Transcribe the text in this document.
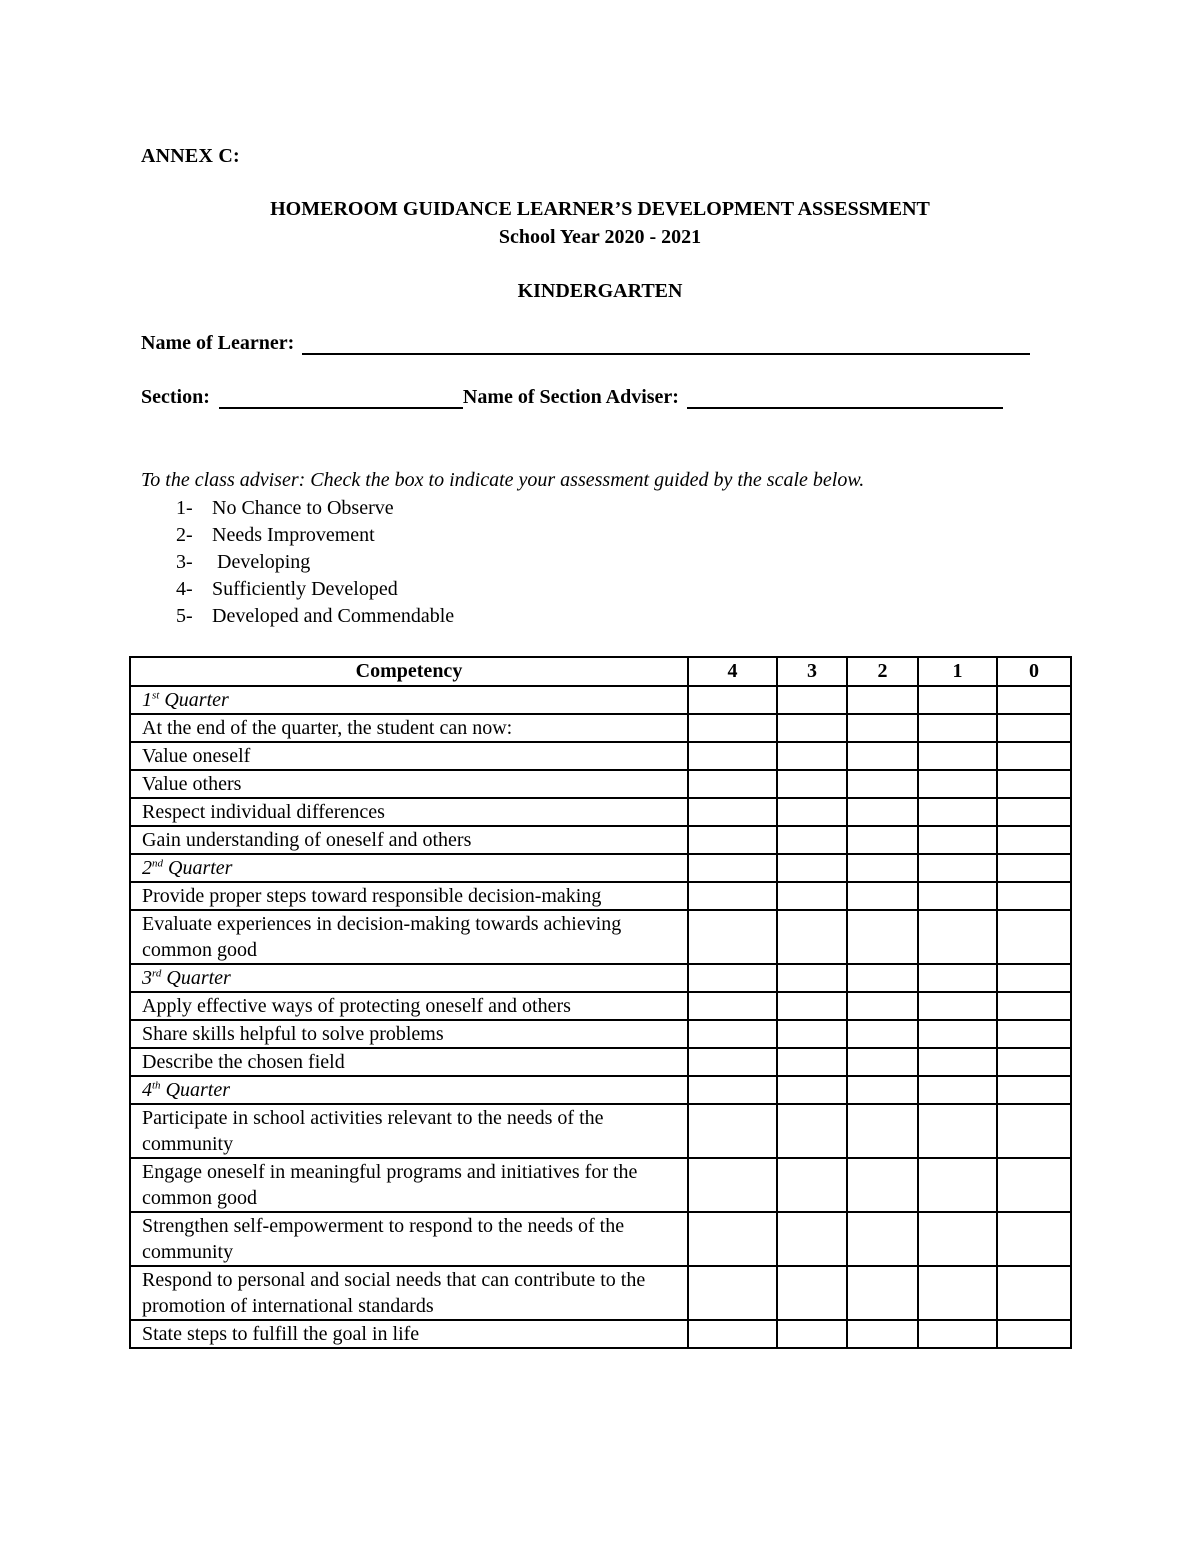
ANNEX C:
HOMEROOM GUIDANCE LEARNER’S DEVELOPMENT ASSESSMENT
School Year 2020 - 2021
KINDERGARTEN
Name of Learner:
Section:	Name of Section Adviser:
To the class adviser: Check the box to indicate your assessment guided by the scale below.
1- No Chance to Observe
2- Needs Improvement
3- Developing
4- Sufficiently Developed
5- Developed and Commendable
Competency	4	3	2	1	0
1st Quarter					
At the end of the quarter, the student can now:					
Value oneself					
Value others					
Respect individual differences					
Gain understanding of oneself and others					
2nd Quarter					
Provide proper steps toward responsible decision-making					
Evaluate experiences in decision-making towards achieving common good					
3rd Quarter					
Apply effective ways of protecting oneself and others					
Share skills helpful to solve problems					
Describe the chosen field					
4th Quarter					
Participate in school activities relevant to the needs of the community					
Engage oneself in meaningful programs and initiatives for the common good					
Strengthen self-empowerment to respond to the needs of the community					
Respond to personal and social needs that can contribute to the promotion of international standards					
State steps to fulfill the goal in life					
